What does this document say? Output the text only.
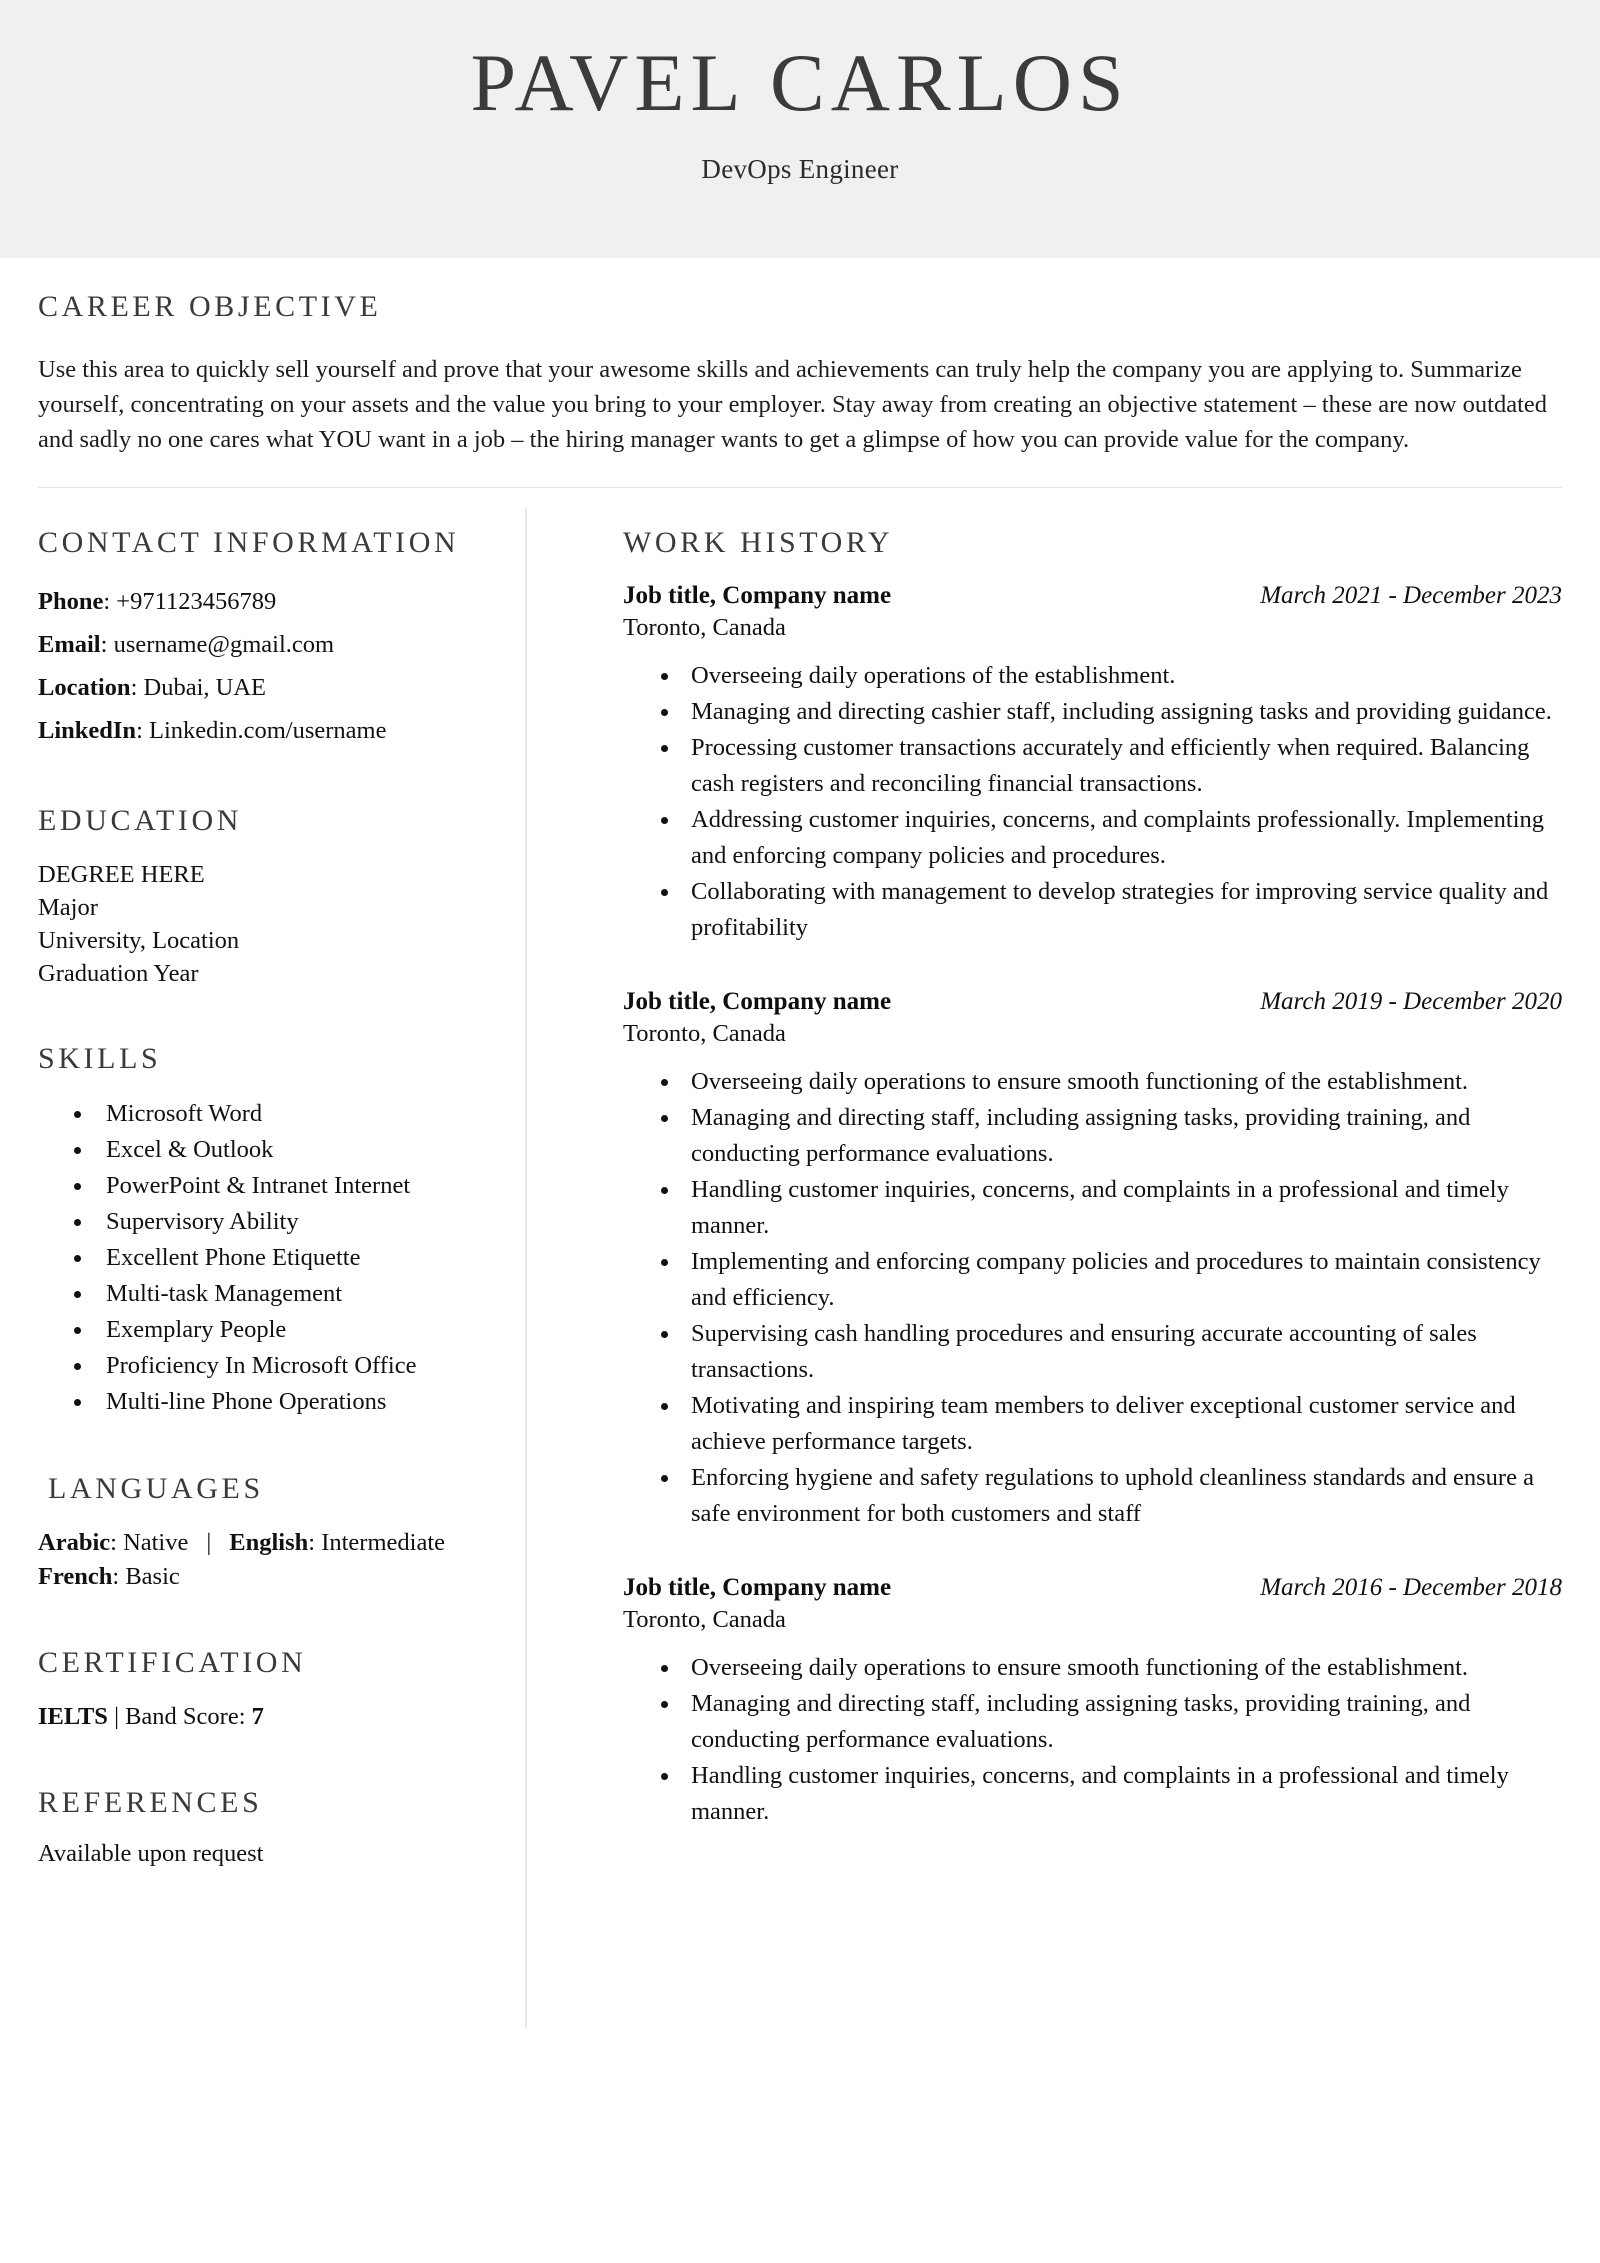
PAVEL CARLOS
DevOps Engineer
CAREER OBJECTIVE
Use this area to quickly sell yourself and prove that your awesome skills and achievements can truly help the company you are applying to. Summarize yourself, concentrating on your assets and the value you bring to your employer. Stay away from creating an objective statement – these are now outdated and sadly no one cares what YOU want in a job – the hiring manager wants to get a glimpse of how you can provide value for the company.
CONTACT INFORMATION
Phone: +971123456789
Email: username@gmail.com
Location: Dubai, UAE
LinkedIn: Linkedin.com/username
EDUCATION
DEGREE HERE
Major
University, Location
Graduation Year
SKILLS
• Microsoft Word
• Excel & Outlook
• PowerPoint & Intranet Internet
• Supervisory Ability
• Excellent Phone Etiquette
• Multi-task Management
• Exemplary People
• Proficiency In Microsoft Office
• Multi-line Phone Operations
LANGUAGES
Arabic: Native | English: Intermediate
French: Basic
CERTIFICATION
IELTS | Band Score: 7
REFERENCES
Available upon request
WORK HISTORY
Job title, Company name	March 2021 - December 2023
Toronto, Canada
• Overseeing daily operations of the establishment.
• Managing and directing cashier staff, including assigning tasks and providing guidance.
• Processing customer transactions accurately and efficiently when required. Balancing cash registers and reconciling financial transactions.
• Addressing customer inquiries, concerns, and complaints professionally. Implementing and enforcing company policies and procedures.
• Collaborating with management to develop strategies for improving service quality and profitability
Job title, Company name	March 2019 - December 2020
Toronto, Canada
• Overseeing daily operations to ensure smooth functioning of the establishment.
• Managing and directing staff, including assigning tasks, providing training, and conducting performance evaluations.
• Handling customer inquiries, concerns, and complaints in a professional and timely manner.
• Implementing and enforcing company policies and procedures to maintain consistency and efficiency.
• Supervising cash handling procedures and ensuring accurate accounting of sales transactions.
• Motivating and inspiring team members to deliver exceptional customer service and achieve performance targets.
• Enforcing hygiene and safety regulations to uphold cleanliness standards and ensure a safe environment for both customers and staff
Job title, Company name	March 2016 - December 2018
Toronto, Canada
• Overseeing daily operations to ensure smooth functioning of the establishment.
• Managing and directing staff, including assigning tasks, providing training, and conducting performance evaluations.
• Handling customer inquiries, concerns, and complaints in a professional and timely manner.
